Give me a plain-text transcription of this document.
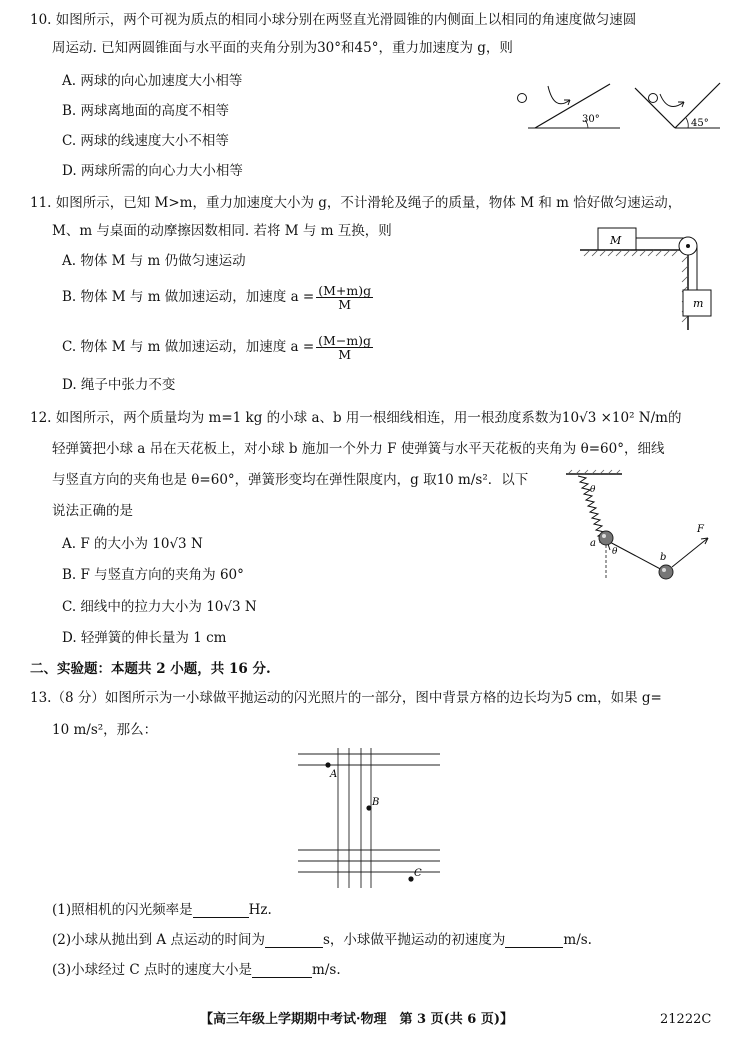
10. 如图所示，两个可视为质点的相同小球分别在两竖直光滑圆锥的内侧面上以相同的角速度做匀速圆
周运动. 已知两圆锥面与水平面的夹角分别为30°和45°，重力加速度为 g，则
A. 两球的向心加速度大小相等
B. 两球离地面的高度不相等
C. 两球的线速度大小不相等
D. 两球所需的向心力大小相等
30°	45°
11. 如图所示，已知 M>m，重力加速度大小为 g，不计滑轮及绳子的质量，物体 M 和 m 恰好做匀速运动，
M、m 与桌面的动摩擦因数相同. 若将 M 与 m 互换，则
A. 物体 M 与 m 仍做匀速运动
B. 物体 M 与 m 做加速运动，加速度 $a = \frac{(M+m)g}{M}$
C. 物体 M 与 m 做加速运动，加速度 $a = \frac{(M-m)g}{M}$
D. 绳子中张力不变
M
m
12. 如图所示，两个质量均为 m=1 kg 的小球 a、b 用一根细线相连，用一根劲度系数为10√3 ×10² N/m的
轻弹簧把小球 a 吊在天花板上，对小球 b 施加一个外力 F 使弹簧与水平天花板的夹角为 θ=60°，细线
与竖直方向的夹角也是 θ=60°，弹簧形变均在弹性限度内，g 取10 m/s²．以下
说法正确的是
A. F 的大小为 10√3 N
B. F 与竖直方向的夹角为 60°
C. 细线中的拉力大小为 10√3 N
D. 轻弹簧的伸长量为 1 cm
θ
a
θ	b
F
二、实验题：本题共 2 小题，共 16 分.
13.（8 分）如图所示为一小球做平抛运动的闪光照片的一部分，图中背景方格的边长均为5 cm，如果 g=
10 m/s²，那么：
A
B
C
(1)照相机的闪光频率是	Hz.
(2)小球从抛出到 A 点运动的时间为	s，小球做平抛运动的初速度为	m/s.
(3)小球经过 C 点时的速度大小是	m/s.
【高三年级上学期期中考试·物理　第 3 页(共 6 页)】	21222C
